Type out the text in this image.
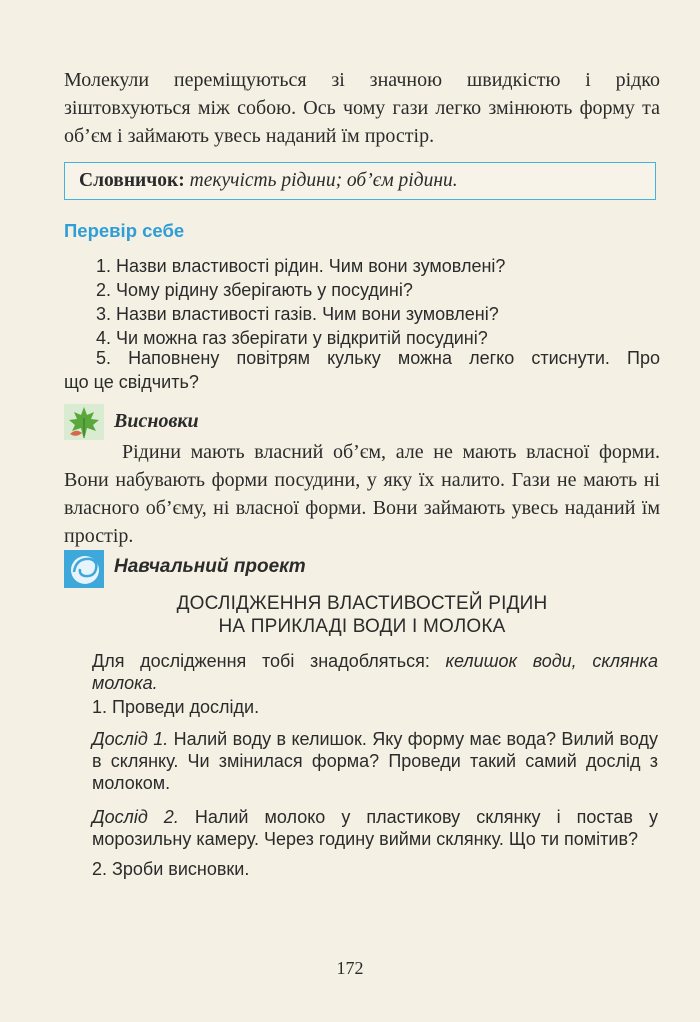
Молекули переміщуються зі значною швидкістю і рідко зіштовхуються між собою. Ось чому гази легко змінюють форму та об’єм і займають увесь наданий їм простір.

Словничок: текучість рідини; об’єм рідини.
Перевір себе

1. Назви властивості рідин. Чим вони зумовлені?

2. Чому рідину зберігають у посудині?

3. Назви властивості газів. Чим вони зумовлені?

4. Чи можна газ зберігати у відкритій посудині?

5. Наповнену повітрям кульку можна легко стиснути. Про
що це свідчить?
Висновки

Рідини мають власний об’єм, але не мають власної форми. Вони набувають форми посудини, у яку їх налито. Гази не мають ні власного об’єму, ні власної форми. Вони займають увесь наданий їм простір.

Навчальний проект
ДОСЛІДЖЕННЯ ВЛАСТИВОСТЕЙ РІДИН
НА ПРИКЛАДІ ВОДИ І МОЛОКА
Для дослідження тобі знадобляться: келишок води, склянка молока.
1. Проведи досліди.
Дослід 1. Налий воду в келишок. Яку форму має вода? Вилий воду в склянку. Чи змінилася форма? Проведи такий самий дослід з молоком.
Дослід 2. Налий молоко у пластикову склянку і постав у морозильну камеру. Через годину вийми склянку. Що ти помітив?
2. Зроби висновки.
172
